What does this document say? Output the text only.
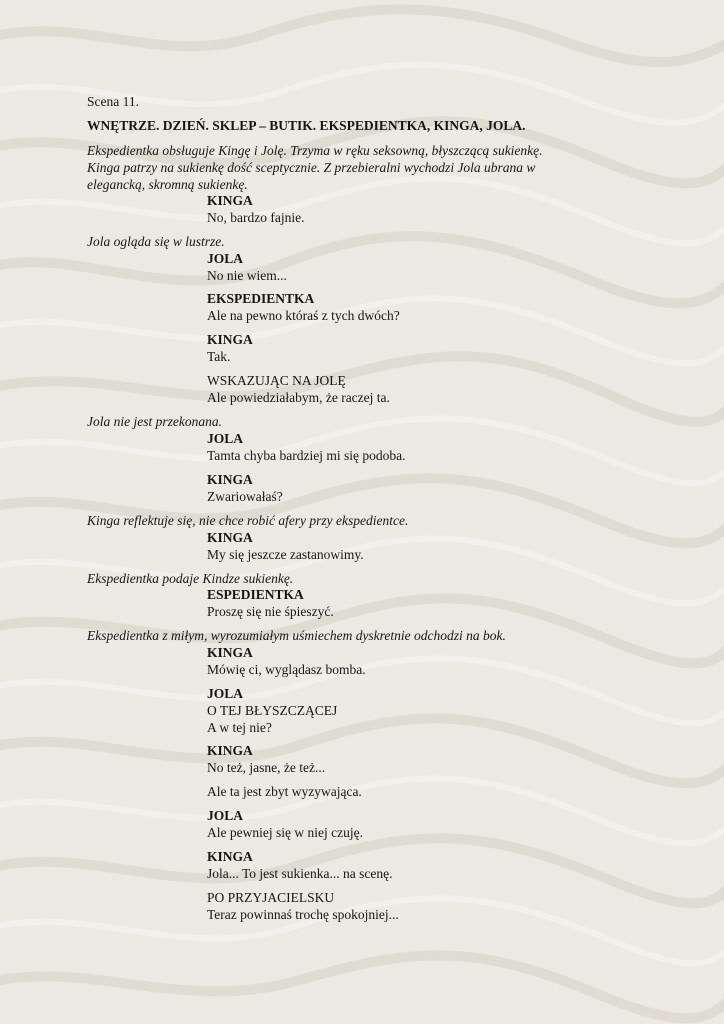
Scena 11.
WNĘTRZE. DZIEŃ. SKLEP – BUTIK. EKSPEDIENTKA, KINGA, JOLA.
Ekspedientka obsługuje Kingę i Jolę. Trzyma w ręku seksowną, błyszczącą sukienkę.
Kinga patrzy na sukienkę dość sceptycznie. Z przebieralni wychodzi Jola ubrana w
elegancką, skromną sukienkę.
KINGA
No, bardzo fajnie.
Jola ogląda się w lustrze.
JOLA
No nie wiem...
EKSPEDIENTKA
Ale na pewno któraś z tych dwóch?
KINGA
Tak.
WSKAZUJĄC NA JOLĘ
Ale powiedziałabym, że raczej ta.
Jola nie jest przekonana.
JOLA
Tamta chyba bardziej mi się podoba.
KINGA
Zwariowałaś?
Kinga reflektuje się, nie chce robić afery przy ekspedientce.
KINGA
My się jeszcze zastanowimy.
Ekspedientka podaje Kindze sukienkę.
ESPEDIENTKA
Proszę się nie śpieszyć.
Ekspedientka z miłym, wyrozumiałym uśmiechem dyskretnie odchodzi na bok.
KINGA
Mówię ci, wyglądasz bomba.
JOLA
O TEJ BŁYSZCZĄCEJ
A w tej nie?
KINGA
No też, jasne, że też...
Ale ta jest zbyt wyzywająca.
JOLA
Ale pewniej się w niej czuję.
KINGA
Jola... To jest sukienka... na scenę.
PO PRZYJACIELSKU
Teraz powinnaś trochę spokojniej...
